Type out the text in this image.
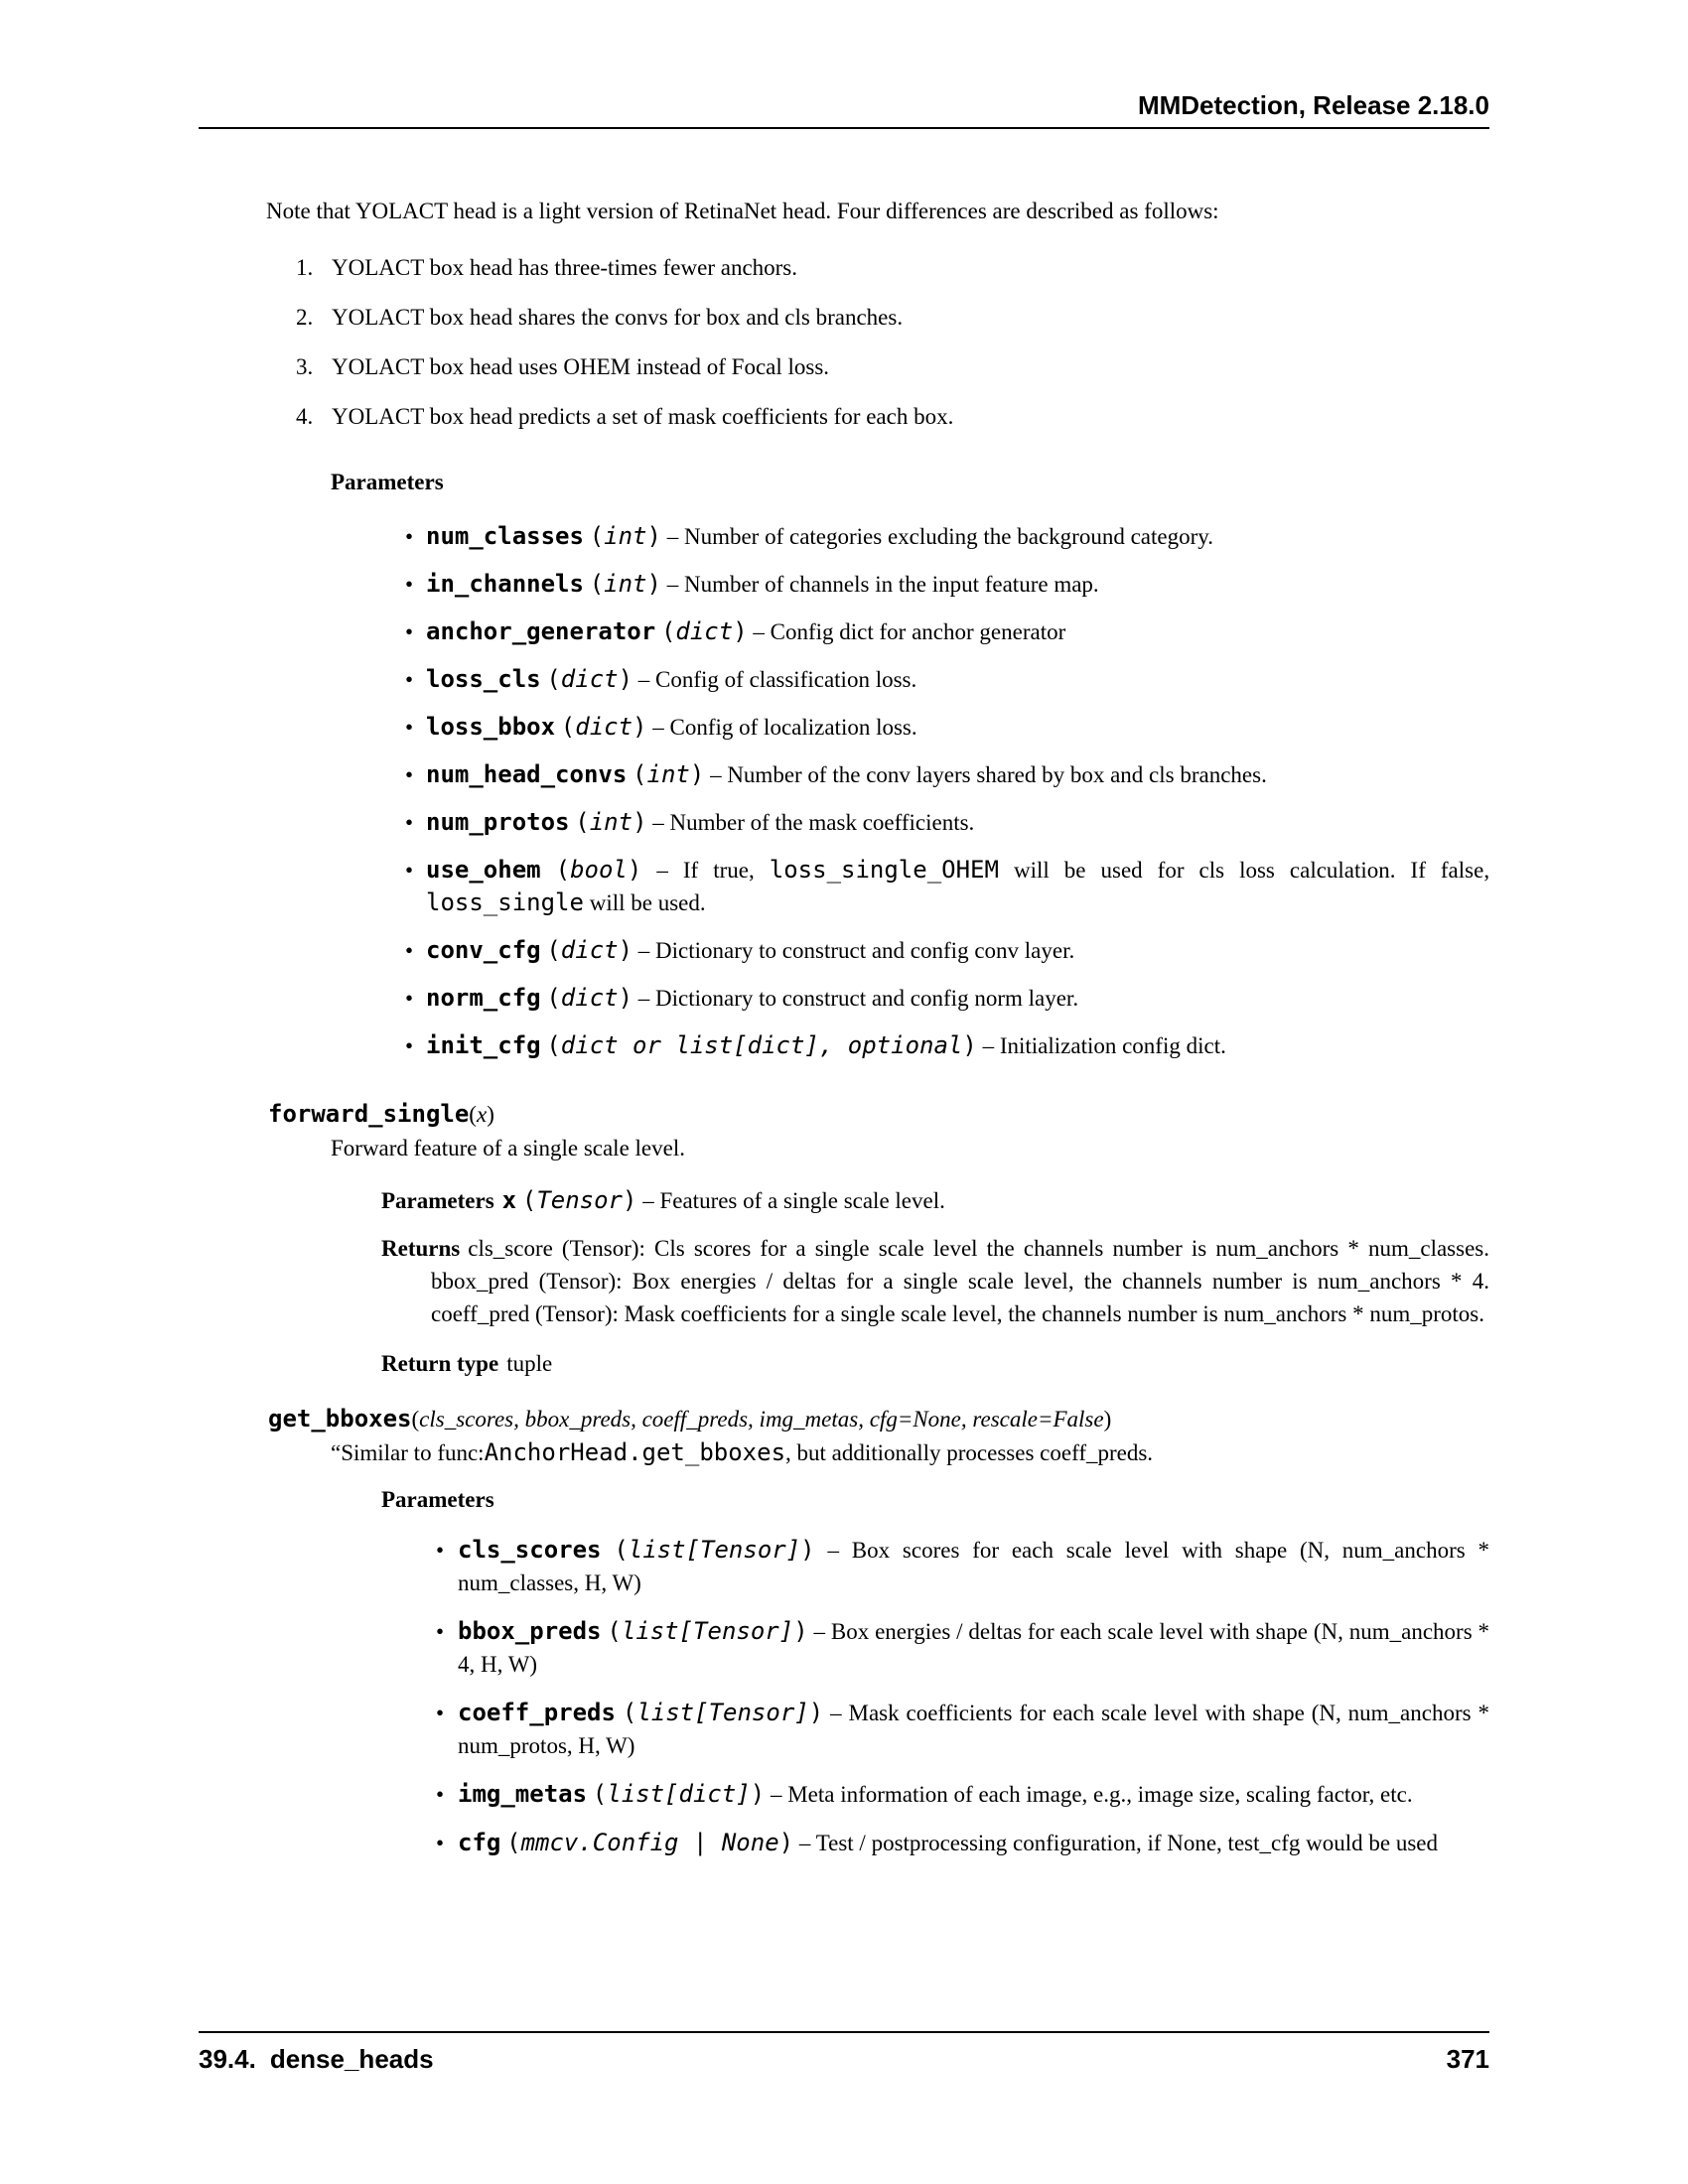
MMDetection, Release 2.18.0

Note that YOLACT head is a light version of RetinaNet head. Four differences are described as follows:

1. YOLACT box head has three-times fewer anchors.
2. YOLACT box head shares the convs for box and cls branches.
3. YOLACT box head uses OHEM instead of Focal loss.
4. YOLACT box head predicts a set of mask coefficients for each box.
Parameters
• num_classes ( int ) – Number of categories excluding the background category.
• in_channels ( int ) – Number of channels in the input feature map.
• anchor_generator ( dict ) – Config dict for anchor generator
• loss_cls ( dict ) – Config of classification loss.
• loss_bbox ( dict ) – Config of localization loss.
• num_head_convs ( int ) – Number of the conv layers shared by box and cls branches.
• num_protos ( int ) – Number of the mask coefficients.
• use_ohem ( bool ) – If true, loss_single_OHEM will be used for cls loss calculation. If false, loss_single will be used.
• conv_cfg ( dict ) – Dictionary to construct and config conv layer.
• norm_cfg ( dict ) – Dictionary to construct and config norm layer.
• init_cfg ( dict or list[dict], optional ) – Initialization config dict.
forward_single ( x )

Forward feature of a single scale level.

Parameters x ( Tensor ) – Features of a single scale level.

Returns cls_score (Tensor): Cls scores for a single scale level the channels number is num_anchors * num_classes. bbox_pred (Tensor): Box energies / deltas for a single scale level, the channels number is num_anchors * 4. coeff_pred (Tensor): Mask coefficients for a single scale level, the channels number is num_anchors * num_protos.

Return type tuple

get_bboxes ( cls_scores, bbox_preds, coeff_preds, img_metas, cfg=None, rescale=False )

“Similar to func:AnchorHead.get_bboxes, but additionally processes coeff_preds.

Parameters
• cls_scores ( list[Tensor] ) – Box scores for each scale level with shape (N, num_anchors * num_classes, H, W)
• bbox_preds ( list[Tensor] ) – Box energies / deltas for each scale level with shape (N, num_anchors * 4, H, W)
• coeff_preds ( list[Tensor] ) – Mask coefficients for each scale level with shape (N, num_anchors * num_protos, H, W)
• img_metas ( list[dict] ) – Meta information of each image, e.g., image size, scaling factor, etc.
• cfg ( mmcv.Config | None ) – Test / postprocessing configuration, if None, test_cfg would be used
39.4. dense_heads	371
